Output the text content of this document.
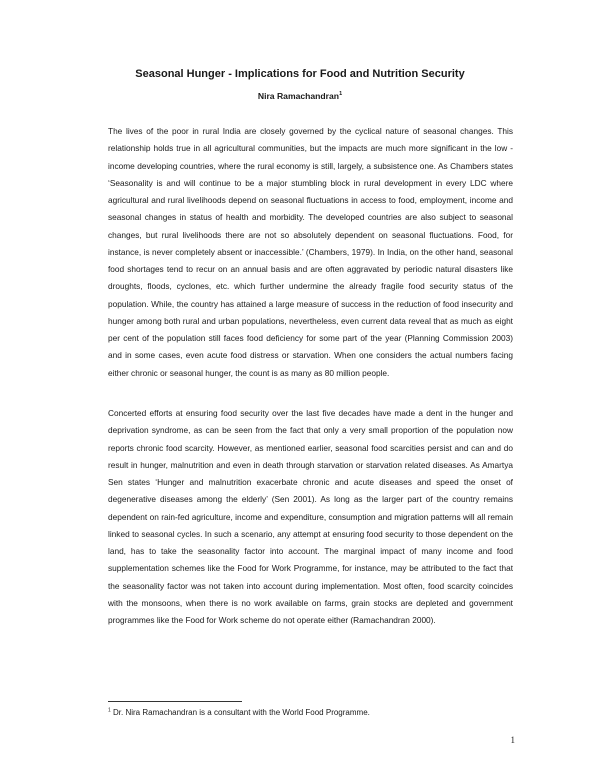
Seasonal Hunger - Implications for Food and Nutrition Security
Nira Ramachandran$^1$

The lives of the poor in rural India are closely governed by the cyclical nature of seasonal changes. This relationship holds true in all agricultural communities, but the impacts are much more significant in the low - income developing countries, where the rural economy is still, largely, a subsistence one. As Chambers states ‘Seasonality is and will continue to be a major stumbling block in rural development in every LDC where agricultural and rural livelihoods depend on seasonal fluctuations in access to food, employment, income and seasonal changes in status of health and morbidity. The developed countries are also subject to seasonal changes, but rural livelihoods there are not so absolutely dependent on seasonal fluctuations. Food, for instance, is never completely absent or inaccessible.’ (Chambers, 1979). In India, on the other hand, seasonal food shortages tend to recur on an annual basis and are often aggravated by periodic natural disasters like droughts, floods, cyclones, etc. which further undermine the already fragile food security status of the population. While, the country has attained a large measure of success in the reduction of food insecurity and hunger among both rural and urban populations, nevertheless, even current data reveal that as much as eight per cent of the population still faces food deficiency for some part of the year (Planning Commission 2003) and in some cases, even acute food distress or starvation. When one considers the actual numbers facing either chronic or seasonal hunger, the count is as many as 80 million people.

Concerted efforts at ensuring food security over the last five decades have made a dent in the hunger and deprivation syndrome, as can be seen from the fact that only a very small proportion of the population now reports chronic food scarcity. However, as mentioned earlier, seasonal food scarcities persist and can and do result in hunger, malnutrition and even in death through starvation or starvation related diseases. As Amartya Sen states ‘Hunger and malnutrition exacerbate chronic and acute diseases and speed the onset of degenerative diseases among the elderly’ (Sen 2001). As long as the larger part of the country remains dependent on rain-fed agriculture, income and expenditure, consumption and migration patterns will all remain linked to seasonal cycles. In such a scenario, any attempt at ensuring food security to those dependent on the land, has to take the seasonality factor into account. The marginal impact of many income and food supplementation schemes like the Food for Work Programme, for instance, may be attributed to the fact that the seasonality factor was not taken into account during implementation. Most often, food scarcity coincides with the monsoons, when there is no work available on farms, grain stocks are depleted and government programmes like the Food for Work scheme do not operate either (Ramachandran 2000).

$^1$ Dr. Nira Ramachandran is a consultant with the World Food Programme.
1
